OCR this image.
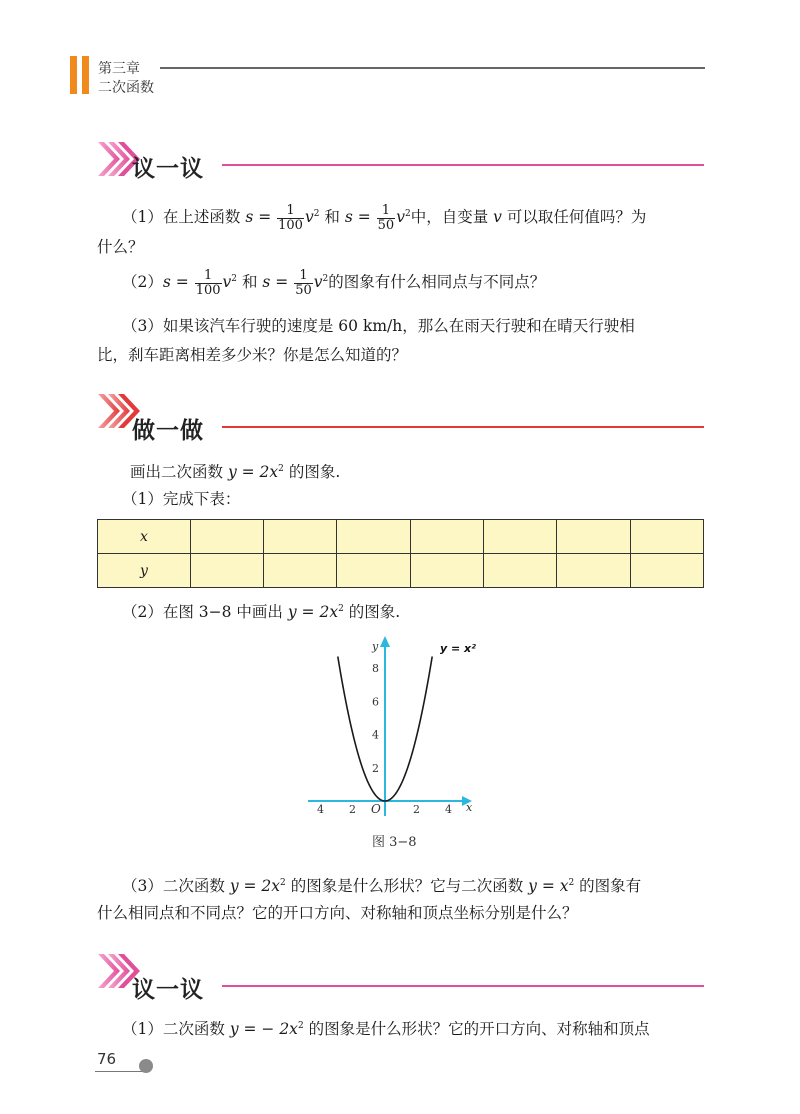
第三章
二次函数
议一议
（1）在上述函数 $s = \frac{1}{100} v^2$ 和 $s = \frac{1}{50} v^2$中，自变量 v 可以取任何值吗？为
什么？
$(2)s = \frac{1}{100} v^2$ 和 $s = \frac{1}{50} v^2$的图象有什么相同点与不同点？
（3）如果该汽车行驶的速度是 60 km/h，那么在雨天行驶和在晴天行驶相
比，刹车距离相差多少米？你是怎么知道的？
做一做
画出二次函数 $y = 2x^2$ 的图象.
（1）完成下表：
x							
y							
（2）在图 3−8 中画出 $y = 2x^2$ 的图象.
4 2	2 4
2
4
6
8
O	x
y	y = x²
图 3−8
（3）二次函数 $y = 2x^2$ 的图象是什么形状？它与二次函数 $y = x^2$ 的图象有
什么相同点和不同点？它的开口方向、对称轴和顶点坐标分别是什么？
议一议
（1）二次函数 y = − $2x^2$ 的图象是什么形状？它的开口方向、对称轴和顶点
76
